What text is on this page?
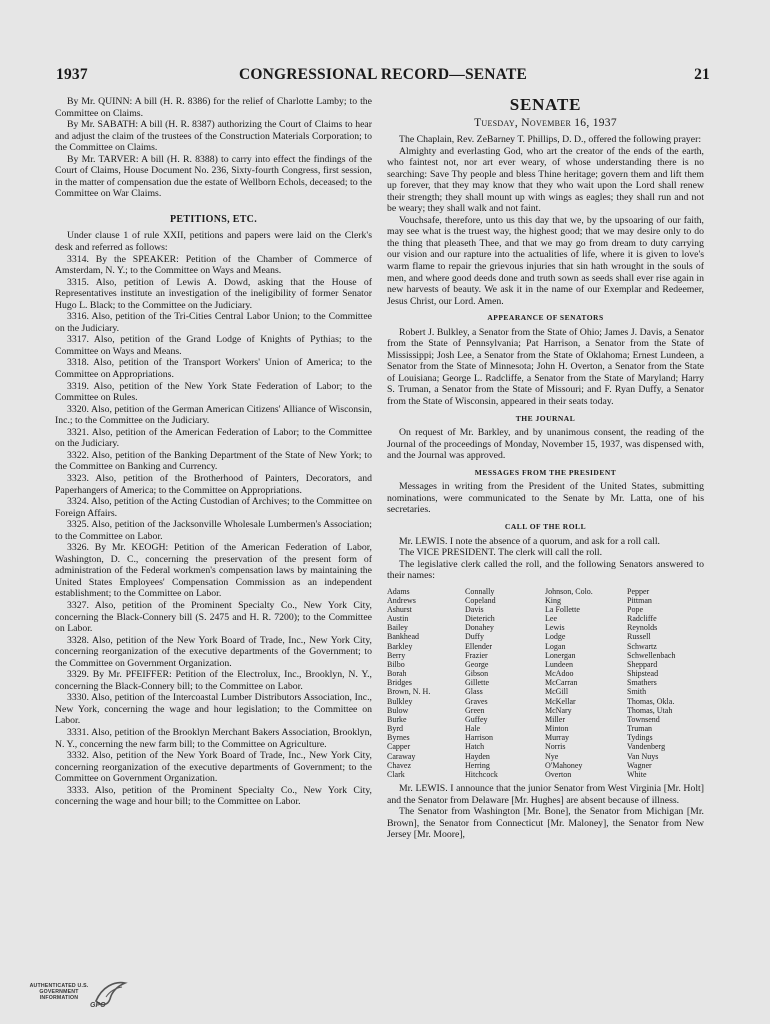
1937	CONGRESSIONAL RECORD—SENATE	21

By Mr. QUINN: A bill (H. R. 8386) for the relief of Charlotte Lamby; to the Committee on Claims.

By Mr. SABATH: A bill (H. R. 8387) authorizing the Court of Claims to hear and adjust the claim of the trustees of the Construction Materials Corporation; to the Committee on Claims.

By Mr. TARVER: A bill (H. R. 8388) to carry into effect the findings of the Court of Claims, House Document No. 236, Sixty-fourth Congress, first session, in the matter of compensation due the estate of Wellborn Echols, deceased; to the Committee on War Claims.

PETITIONS, ETC.

Under clause 1 of rule XXII, petitions and papers were laid on the Clerk's desk and referred as follows:

3314. By the SPEAKER: Petition of the Chamber of Commerce of Amsterdam, N. Y.; to the Committee on Ways and Means.

3315. Also, petition of Lewis A. Dowd, asking that the House of Representatives institute an investigation of the ineligibility of former Senator Hugo L. Black; to the Committee on the Judiciary.

3316. Also, petition of the Tri-Cities Central Labor Union; to the Committee on the Judiciary.

3317. Also, petition of the Grand Lodge of Knights of Pythias; to the Committee on Ways and Means.

3318. Also, petition of the Transport Workers' Union of America; to the Committee on Appropriations.

3319. Also, petition of the New York State Federation of Labor; to the Committee on Rules.

3320. Also, petition of the German American Citizens' Alliance of Wisconsin, Inc.; to the Committee on the Judiciary.

3321. Also, petition of the American Federation of Labor; to the Committee on the Judiciary.

3322. Also, petition of the Banking Department of the State of New York; to the Committee on Banking and Currency.

3323. Also, petition of the Brotherhood of Painters, Decorators, and Paperhangers of America; to the Committee on Appropriations.

3324. Also, petition of the Acting Custodian of Archives; to the Committee on Foreign Affairs.

3325. Also, petition of the Jacksonville Wholesale Lumbermen's Association; to the Committee on Labor.

3326. By Mr. KEOGH: Petition of the American Federation of Labor, Washington, D. C., concerning the preservation of the present form of administration of the Federal workmen's compensation laws by maintaining the United States Employees' Compensation Commission as an independent establishment; to the Committee on Labor.

3327. Also, petition of the Prominent Specialty Co., New York City, concerning the Black-Connery bill (S. 2475 and H. R. 7200); to the Committee on Labor.

3328. Also, petition of the New York Board of Trade, Inc., New York City, concerning reorganization of the executive departments of the Government; to the Committee on Government Organization.

3329. By Mr. PFEIFFER: Petition of the Electrolux, Inc., Brooklyn, N. Y., concerning the Black-Connery bill; to the Committee on Labor.

3330. Also, petition of the Intercoastal Lumber Distributors Association, Inc., New York, concerning the wage and hour legislation; to the Committee on Labor.

3331. Also, petition of the Brooklyn Merchant Bakers Association, Brooklyn, N. Y., concerning the new farm bill; to the Committee on Agriculture.

3332. Also, petition of the New York Board of Trade, Inc., New York City, concerning reorganization of the executive departments of Government; to the Committee on Government Organization.

3333. Also, petition of the Prominent Specialty Co., New York City, concerning the wage and hour bill; to the Committee on Labor.

SENATE
Tuesday, November 16, 1937

The Chaplain, Rev. ZeBarney T. Phillips, D. D., offered the following prayer:

Almighty and everlasting God, who art the creator of the ends of the earth, who faintest not, nor art ever weary, of whose understanding there is no searching: Save Thy people and bless Thine heritage; govern them and lift them up forever, that they may know that they who wait upon the Lord shall renew their strength; they shall mount up with wings as eagles; they shall run and not be weary; they shall walk and not faint.

Vouchsafe, therefore, unto us this day that we, by the upsoaring of our faith, may see what is the truest way, the highest good; that we may desire only to do the thing that pleaseth Thee, and that we may go from dream to duty carrying our vision and our rapture into the actualities of life, where it is given to love's warm flame to repair the grievous injuries that sin hath wrought in the souls of men, and where good deeds done and truth sown as seeds shall ever rise again in new harvests of beauty. We ask it in the name of our Exemplar and Redeemer, Jesus Christ, our Lord. Amen.

APPEARANCE OF SENATORS

Robert J. Bulkley, a Senator from the State of Ohio; James J. Davis, a Senator from the State of Pennsylvania; Pat Harrison, a Senator from the State of Mississippi; Josh Lee, a Senator from the State of Oklahoma; Ernest Lundeen, a Senator from the State of Minnesota; John H. Overton, a Senator from the State of Louisiana; George L. Radcliffe, a Senator from the State of Maryland; Harry S. Truman, a Senator from the State of Missouri; and F. Ryan Duffy, a Senator from the State of Wisconsin, appeared in their seats today.

THE JOURNAL

On request of Mr. Barkley, and by unanimous consent, the reading of the Journal of the proceedings of Monday, November 15, 1937, was dispensed with, and the Journal was approved.

MESSAGES FROM THE PRESIDENT

Messages in writing from the President of the United States, submitting nominations, were communicated to the Senate by Mr. Latta, one of his secretaries.

CALL OF THE ROLL

Mr. LEWIS. I note the absence of a quorum, and ask for a roll call.

The VICE PRESIDENT. The clerk will call the roll.

The legislative clerk called the roll, and the following Senators answered to their names:

Adams	Connally	Johnson, Colo.	Pepper
Andrews	Copeland	King	Pittman
Ashurst	Davis	La Follette	Pope
Austin	Dieterich	Lee	Radcliffe
Bailey	Donahey	Lewis	Reynolds
Bankhead	Duffy	Lodge	Russell
Barkley	Ellender	Logan	Schwartz
Berry	Frazier	Lonergan	Schwellenbach
Bilbo	George	Lundeen	Sheppard
Borah	Gibson	McAdoo	Shipstead
Bridges	Gillette	McCarran	Smathers
Brown, N. H.	Glass	McGill	Smith
Bulkley	Graves	McKellar	Thomas, Okla.
Bulow	Green	McNary	Thomas, Utah
Burke	Guffey	Miller	Townsend
Byrd	Hale	Minton	Truman
Byrnes	Harrison	Murray	Tydings
Capper	Hatch	Norris	Vandenberg
Caraway	Hayden	Nye	Van Nuys
Chavez	Herring	O'Mahoney	Wagner
Clark	Hitchcock	Overton	White

Mr. LEWIS. I announce that the junior Senator from West Virginia [Mr. Holt] and the Senator from Delaware [Mr. Hughes] are absent because of illness.

The Senator from Washington [Mr. Bone], the Senator from Michigan [Mr. Brown], the Senator from Connecticut [Mr. Maloney], the Senator from New Jersey [Mr. Moore],

AUTHENTICATED U.S. GOVERNMENT INFORMATION
GPO
